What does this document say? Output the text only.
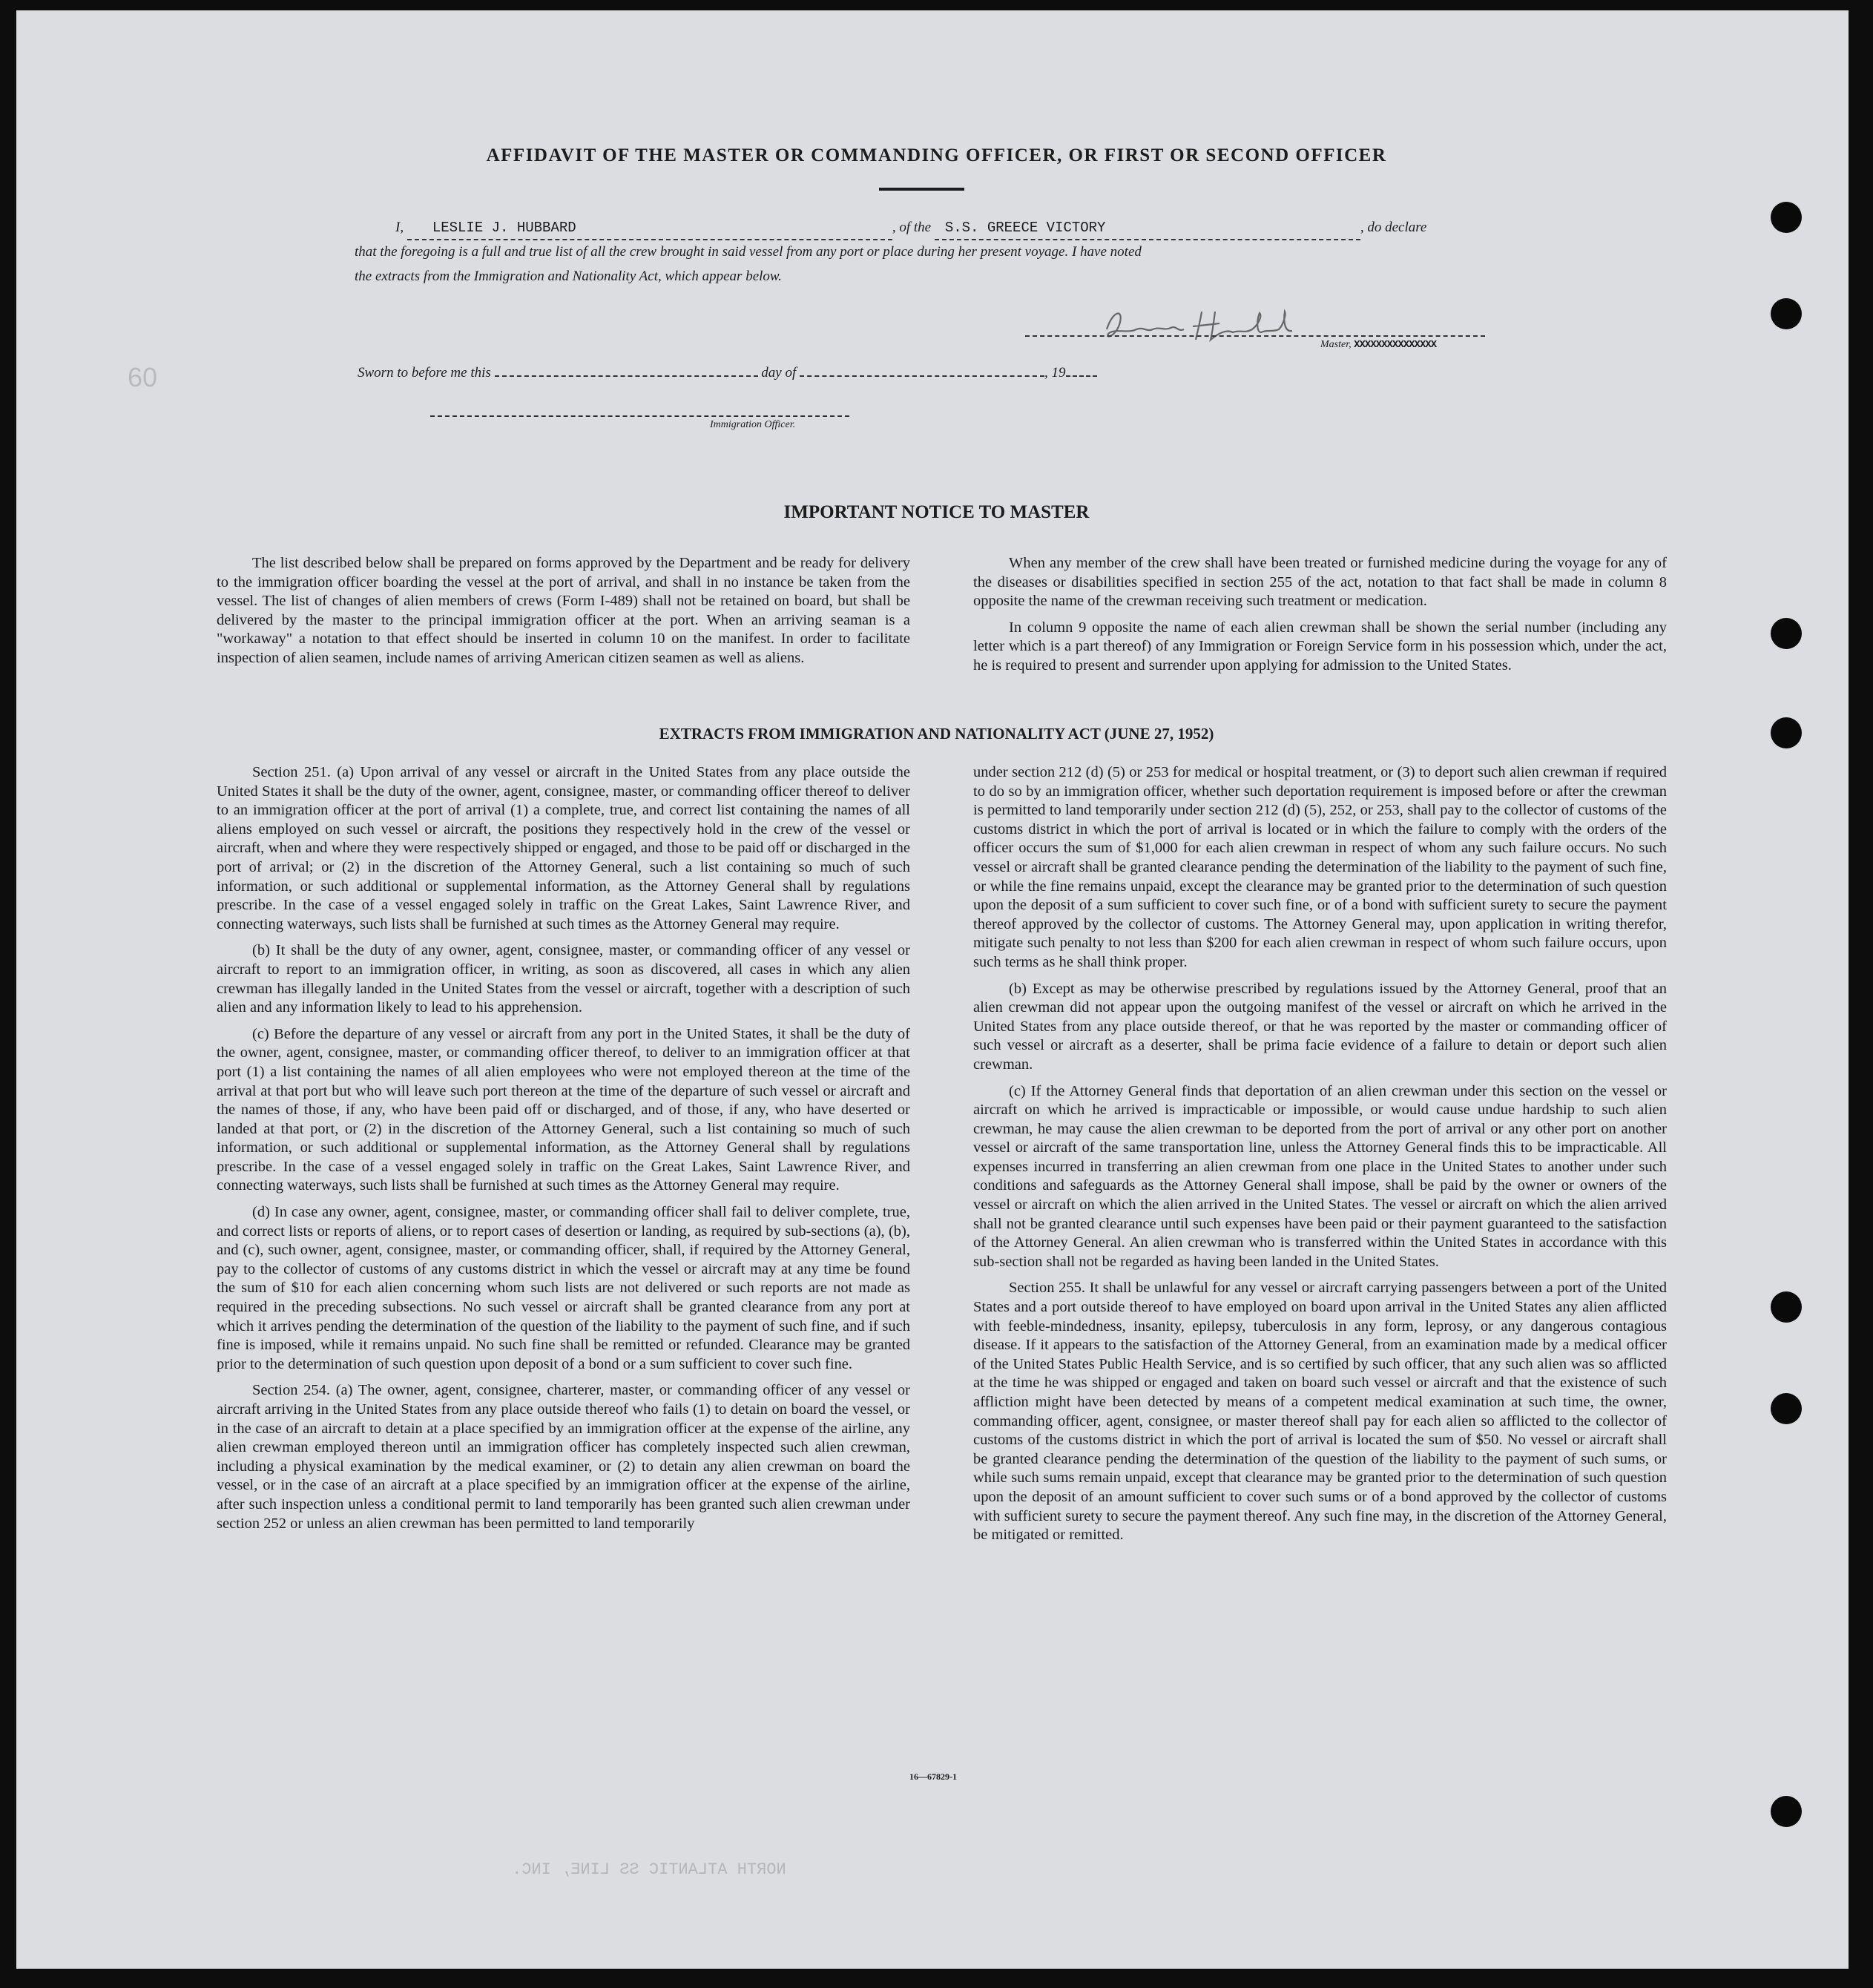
60
AFFIDAVIT OF THE MASTER OR COMMANDING OFFICER, OR FIRST OR SECOND OFFICER
I, LESLIE J. HUBBARD	, of the S.S. GREECE VICTORY	, do declare
that the foregoing is a full and true list of all the crew brought in said vessel from any port or place during her present voyage. I have noted
the extracts from the Immigration and Nationality Act, which appear below.
Master, XXXXXXXXXXXXXXX
Sworn to before me this	day of	, 19
Immigration Officer.
IMPORTANT NOTICE TO MASTER

The list described below shall be prepared on forms approved by the Department and be ready for delivery to the immigration officer boarding the vessel at the port of arrival, and shall in no instance be taken from the vessel. The list of changes of alien members of crews (Form I-489) shall not be retained on board, but shall be delivered by the master to the principal immigration officer at the port. When an arriving seaman is a "workaway" a notation to that effect should be inserted in column 10 on the manifest. In order to facilitate inspection of alien seamen, include names of arriving American citizen seamen as well as aliens.

When any member of the crew shall have been treated or furnished medicine during the voyage for any of the diseases or disabilities specified in section 255 of the act, notation to that fact shall be made in column 8 opposite the name of the crewman receiving such treatment or medication.

In column 9 opposite the name of each alien crewman shall be shown the serial number (including any letter which is a part thereof) of any Immigration or Foreign Service form in his possession which, under the act, he is required to present and surrender upon applying for admission to the United States.

EXTRACTS FROM IMMIGRATION AND NATIONALITY ACT (JUNE 27, 1952)

Section 251. (a) Upon arrival of any vessel or aircraft in the United States from any place outside the United States it shall be the duty of the owner, agent, consignee, master, or commanding officer thereof to deliver to an immigration officer at the port of arrival (1) a complete, true, and correct list containing the names of all aliens employed on such vessel or aircraft, the positions they respectively hold in the crew of the vessel or aircraft, when and where they were respectively shipped or engaged, and those to be paid off or discharged in the port of arrival; or (2) in the discretion of the Attorney General, such a list containing so much of such information, or such additional or supplemental information, as the Attorney General shall by regulations prescribe. In the case of a vessel engaged solely in traffic on the Great Lakes, Saint Lawrence River, and connecting waterways, such lists shall be furnished at such times as the Attorney General may require.

(b) It shall be the duty of any owner, agent, consignee, master, or commanding officer of any vessel or aircraft to report to an immigration officer, in writing, as soon as discovered, all cases in which any alien crewman has illegally landed in the United States from the vessel or aircraft, together with a description of such alien and any information likely to lead to his apprehension.

(c) Before the departure of any vessel or aircraft from any port in the United States, it shall be the duty of the owner, agent, consignee, master, or commanding officer thereof, to deliver to an immigration officer at that port (1) a list containing the names of all alien employees who were not employed thereon at the time of the arrival at that port but who will leave such port thereon at the time of the departure of such vessel or aircraft and the names of those, if any, who have been paid off or discharged, and of those, if any, who have deserted or landed at that port, or (2) in the discretion of the Attorney General, such a list containing so much of such information, or such additional or supplemental information, as the Attorney General shall by regulations prescribe. In the case of a vessel engaged solely in traffic on the Great Lakes, Saint Lawrence River, and connecting waterways, such lists shall be furnished at such times as the Attorney General may require.

(d) In case any owner, agent, consignee, master, or commanding officer shall fail to deliver complete, true, and correct lists or reports of aliens, or to report cases of desertion or landing, as required by sub-sections (a), (b), and (c), such owner, agent, consignee, master, or commanding officer, shall, if required by the Attorney General, pay to the collector of customs of any customs district in which the vessel or aircraft may at any time be found the sum of $10 for each alien concerning whom such lists are not delivered or such reports are not made as required in the preceding subsections. No such vessel or aircraft shall be granted clearance from any port at which it arrives pending the determination of the question of the liability to the payment of such fine, and if such fine is imposed, while it remains unpaid. No such fine shall be remitted or refunded. Clearance may be granted prior to the determination of such question upon deposit of a bond or a sum sufficient to cover such fine.

Section 254. (a) The owner, agent, consignee, charterer, master, or commanding officer of any vessel or aircraft arriving in the United States from any place outside thereof who fails (1) to detain on board the vessel, or in the case of an aircraft to detain at a place specified by an immigration officer at the expense of the airline, any alien crewman employed thereon until an immigration officer has completely inspected such alien crewman, including a physical examination by the medical examiner, or (2) to detain any alien crewman on board the vessel, or in the case of an aircraft at a place specified by an immigration officer at the expense of the airline, after such inspection unless a conditional permit to land temporarily has been granted such alien crewman under section 252 or unless an alien crewman has been permitted to land temporarily

under section 212 (d) (5) or 253 for medical or hospital treatment, or (3) to deport such alien crewman if required to do so by an immigration officer, whether such deportation requirement is imposed before or after the crewman is permitted to land temporarily under section 212 (d) (5), 252, or 253, shall pay to the collector of customs of the customs district in which the port of arrival is located or in which the failure to comply with the orders of the officer occurs the sum of $1,000 for each alien crewman in respect of whom any such failure occurs. No such vessel or aircraft shall be granted clearance pending the determination of the liability to the payment of such fine, or while the fine remains unpaid, except the clearance may be granted prior to the determination of such question upon the deposit of a sum sufficient to cover such fine, or of a bond with sufficient surety to secure the payment thereof approved by the collector of customs. The Attorney General may, upon application in writing therefor, mitigate such penalty to not less than $200 for each alien crewman in respect of whom such failure occurs, upon such terms as he shall think proper.

(b) Except as may be otherwise prescribed by regulations issued by the Attorney General, proof that an alien crewman did not appear upon the outgoing manifest of the vessel or aircraft on which he arrived in the United States from any place outside thereof, or that he was reported by the master or commanding officer of such vessel or aircraft as a deserter, shall be prima facie evidence of a failure to detain or deport such alien crewman.

(c) If the Attorney General finds that deportation of an alien crewman under this section on the vessel or aircraft on which he arrived is impracticable or impossible, or would cause undue hardship to such alien crewman, he may cause the alien crewman to be deported from the port of arrival or any other port on another vessel or aircraft of the same transportation line, unless the Attorney General finds this to be impracticable. All expenses incurred in transferring an alien crewman from one place in the United States to another under such conditions and safeguards as the Attorney General shall impose, shall be paid by the owner or owners of the vessel or aircraft on which the alien arrived in the United States. The vessel or aircraft on which the alien arrived shall not be granted clearance until such expenses have been paid or their payment guaranteed to the satisfaction of the Attorney General. An alien crewman who is transferred within the United States in accordance with this sub-section shall not be regarded as having been landed in the United States.

Section 255. It shall be unlawful for any vessel or aircraft carrying passengers between a port of the United States and a port outside thereof to have employed on board upon arrival in the United States any alien afflicted with feeble-mindedness, insanity, epilepsy, tuberculosis in any form, leprosy, or any dangerous contagious disease. If it appears to the satisfaction of the Attorney General, from an examination made by a medical officer of the United States Public Health Service, and is so certified by such officer, that any such alien was so afflicted at the time he was shipped or engaged and taken on board such vessel or aircraft and that the existence of such affliction might have been detected by means of a competent medical examination at such time, the owner, commanding officer, agent, consignee, or master thereof shall pay for each alien so afflicted to the collector of customs of the customs district in which the port of arrival is located the sum of $50. No vessel or aircraft shall be granted clearance pending the determination of the question of the liability to the payment of such sums, or while such sums remain unpaid, except that clearance may be granted prior to the determination of such question upon the deposit of an amount sufficient to cover such sums or of a bond approved by the collector of customs with sufficient surety to secure the payment thereof. Any such fine may, in the discretion of the Attorney General, be mitigated or remitted.

16—67829-1
NORTH ATLANTIC SS LINE, INC.
